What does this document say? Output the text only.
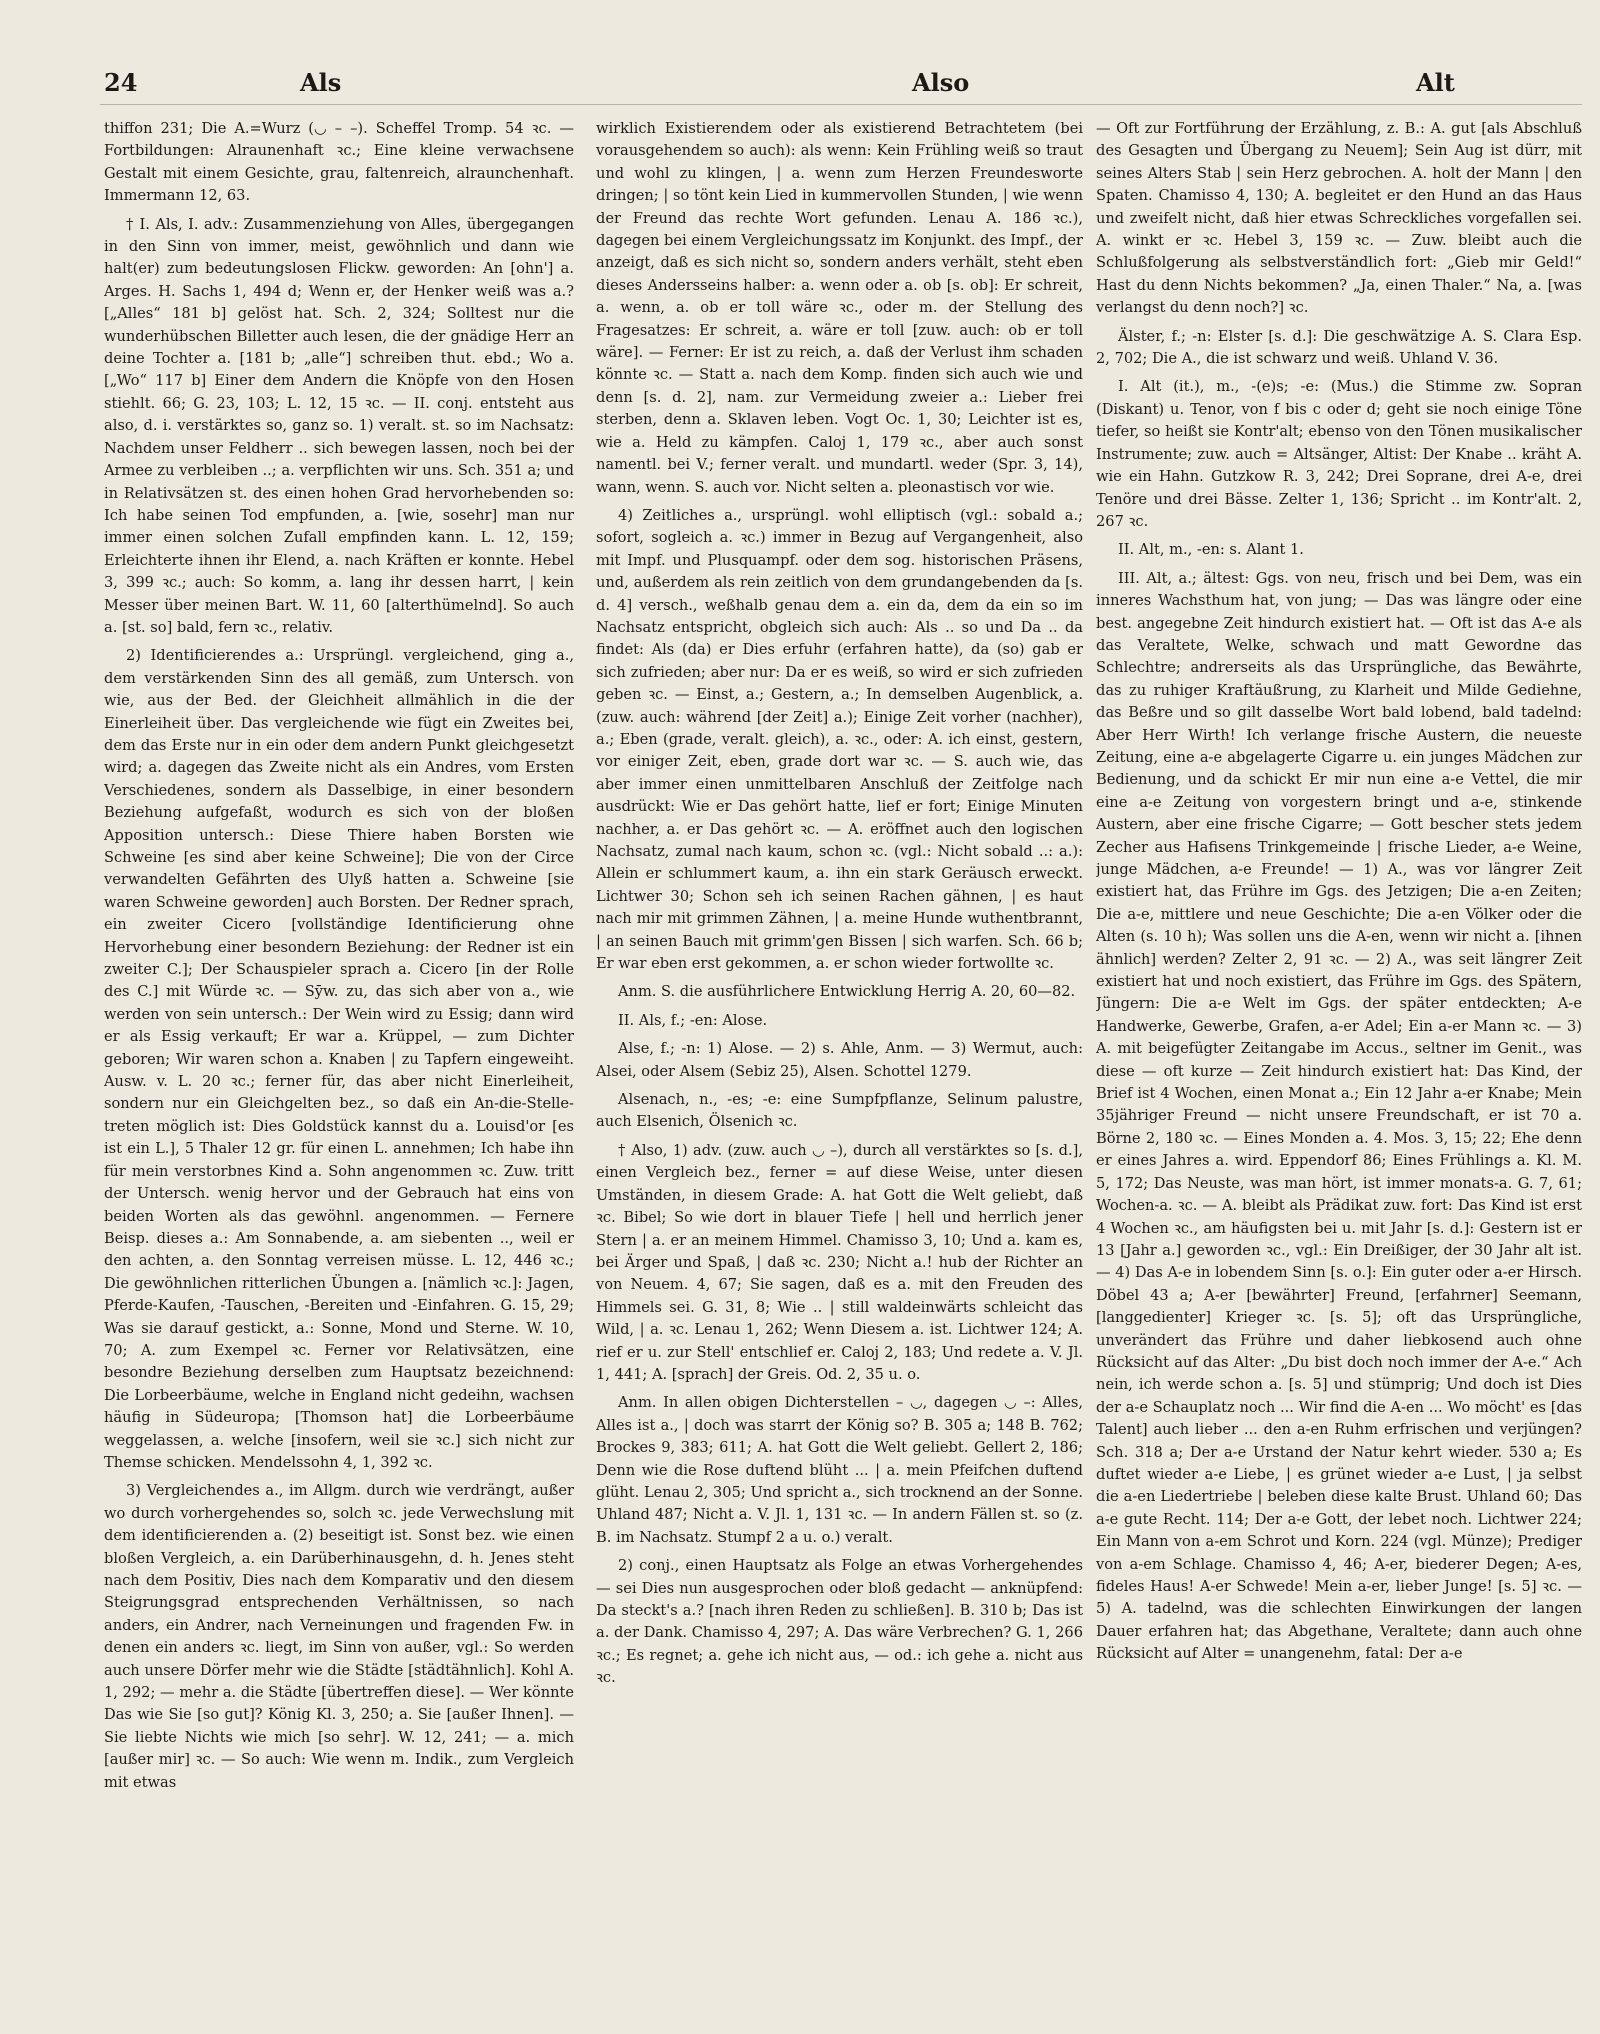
24	Als	Also	Alt

thiffon 231; Die A.=Wurz (◡ – –). Scheffel Tromp. 54 ꝛc. — Fortbildungen: Alraunenhaft ꝛc.; Eine kleine verwachsene Gestalt mit einem Gesichte, grau, faltenreich, alraunchenhaft. Immermann 12, 63.

† I. Als, I. adv.: Zusammenziehung von Alles, übergegangen in den Sinn von immer, meist, gewöhnlich und dann wie halt(er) zum bedeutungslosen Flickw. geworden: An [ohn'] a. Arges. H. Sachs 1, 494 d; Wenn er, der Henker weiß was a.? [„Alles“ 181 b] gelöst hat. Sch. 2, 324; Solltest nur die wunderhübschen Billetter auch lesen, die der gnädige Herr an deine Tochter a. [181 b; „alle“] schreiben thut. ebd.; Wo a. [„Wo“ 117 b] Einer dem Andern die Knöpfe von den Hosen stiehlt. 66; G. 23, 103; L. 12, 15 ꝛc. — II. conj. entsteht aus also, d. i. verstärktes so, ganz so. 1) veralt. st. so im Nachsatz: Nachdem unser Feldherr .. sich bewegen lassen, noch bei der Armee zu verbleiben ..; a. verpflichten wir uns. Sch. 351 a; und in Relativsätzen st. des einen hohen Grad hervorhebenden so: Ich habe seinen Tod empfunden, a. [wie, sosehr] man nur immer einen solchen Zufall empfinden kann. L. 12, 159; Erleichterte ihnen ihr Elend, a. nach Kräften er konnte. Hebel 3, 399 ꝛc.; auch: So komm, a. lang ihr dessen harrt, | kein Messer über meinen Bart. W. 11, 60 [alterthümelnd]. So auch a. [st. so] bald, fern ꝛc., relativ.

2) Identificierendes a.: Ursprüngl. vergleichend, ging a., dem verstärkenden Sinn des all gemäß, zum Untersch. von wie, aus der Bed. der Gleichheit allmählich in die der Einerleiheit über. Das vergleichende wie fügt ein Zweites bei, dem das Erste nur in ein oder dem andern Punkt gleichgesetzt wird; a. dagegen das Zweite nicht als ein Andres, vom Ersten Verschiedenes, sondern als Dasselbige, in einer besondern Beziehung aufgefaßt, wodurch es sich von der bloßen Apposition untersch.: Diese Thiere haben Borsten wie Schweine [es sind aber keine Schweine]; Die von der Circe verwandelten Gefährten des Ulyß hatten a. Schweine [sie waren Schweine geworden] auch Borsten. Der Redner sprach, ein zweiter Cicero [vollständige Identificierung ohne Hervorhebung einer besondern Beziehung: der Redner ist ein zweiter C.]; Der Schauspieler sprach a. Cicero [in der Rolle des C.] mit Würde ꝛc. — Sȳw. zu, das sich aber von a., wie werden von sein untersch.: Der Wein wird zu Essig; dann wird er als Essig verkauft; Er war a. Krüppel, — zum Dichter geboren; Wir waren schon a. Knaben | zu Tapfern eingeweiht. Ausw. v. L. 20 ꝛc.; ferner für, das aber nicht Einerleiheit, sondern nur ein Gleichgelten bez., so daß ein An-die-Stelle-treten möglich ist: Dies Goldstück kannst du a. Louisd'or [es ist ein L.], 5 Thaler 12 gr. für einen L. annehmen; Ich habe ihn für mein verstorbnes Kind a. Sohn angenommen ꝛc. Zuw. tritt der Untersch. wenig hervor und der Gebrauch hat eins von beiden Worten als das gewöhnl. angenommen. — Fernere Beisp. dieses a.: Am Sonnabende, a. am siebenten .., weil er den achten, a. den Sonntag verreisen müsse. L. 12, 446 ꝛc.; Die gewöhnlichen ritterlichen Übungen a. [nämlich ꝛc.]: Jagen, Pferde-Kaufen, -Tauschen, -Bereiten und -Einfahren. G. 15, 29; Was sie darauf gestickt, a.: Sonne, Mond und Sterne. W. 10, 70; A. zum Exempel ꝛc. Ferner vor Relativsätzen, eine besondre Beziehung derselben zum Hauptsatz bezeichnend: Die Lorbeerbäume, welche in England nicht gedeihn, wachsen häufig in Südeuropa; [Thomson hat] die Lorbeerbäume weggelassen, a. welche [insofern, weil sie ꝛc.] sich nicht zur Themse schicken. Mendelssohn 4, 1, 392 ꝛc.

3) Vergleichendes a., im Allgm. durch wie verdrängt, außer wo durch vorhergehendes so, solch ꝛc. jede Verwechslung mit dem identificierenden a. (2) beseitigt ist. Sonst bez. wie einen bloßen Vergleich, a. ein Darüberhinausgehn, d. h. Jenes steht nach dem Positiv, Dies nach dem Komparativ und den diesem Steigrungsgrad entsprechenden Verhältnissen, so nach anders, ein Andrer, nach Verneinungen und fragenden Fw. in denen ein anders ꝛc. liegt, im Sinn von außer, vgl.: So werden auch unsere Dörfer mehr wie die Städte [städtähnlich]. Kohl A. 1, 292; — mehr a. die Städte [übertreffen diese]. — Wer könnte Das wie Sie [so gut]? König Kl. 3, 250; a. Sie [außer Ihnen]. — Sie liebte Nichts wie mich [so sehr]. W. 12, 241; — a. mich [außer mir] ꝛc. — So auch: Wie wenn m. Indik., zum Vergleich mit etwas

wirklich Existierendem oder als existierend Betrachtetem (bei vorausgehendem so auch): als wenn: Kein Frühling weiß so traut und wohl zu klingen, | a. wenn zum Herzen Freundesworte dringen; | so tönt kein Lied in kummervollen Stunden, | wie wenn der Freund das rechte Wort gefunden. Lenau A. 186 ꝛc.), dagegen bei einem Vergleichungssatz im Konjunkt. des Impf., der anzeigt, daß es sich nicht so, sondern anders verhält, steht eben dieses Andersseins halber: a. wenn oder a. ob [s. ob]: Er schreit, a. wenn, a. ob er toll wäre ꝛc., oder m. der Stellung des Fragesatzes: Er schreit, a. wäre er toll [zuw. auch: ob er toll wäre]. — Ferner: Er ist zu reich, a. daß der Verlust ihm schaden könnte ꝛc. — Statt a. nach dem Komp. finden sich auch wie und denn [s. d. 2], nam. zur Vermeidung zweier a.: Lieber frei sterben, denn a. Sklaven leben. Vogt Oc. 1, 30; Leichter ist es, wie a. Held zu kämpfen. Caloj 1, 179 ꝛc., aber auch sonst namentl. bei V.; ferner veralt. und mundartl. weder (Spr. 3, 14), wann, wenn. S. auch vor. Nicht selten a. pleonastisch vor wie.

4) Zeitliches a., ursprüngl. wohl elliptisch (vgl.: sobald a.; sofort, sogleich a. ꝛc.) immer in Bezug auf Vergangenheit, also mit Impf. und Plusquampf. oder dem sog. historischen Präsens, und, außerdem als rein zeitlich von dem grundangebenden da [s. d. 4] versch., weßhalb genau dem a. ein da, dem da ein so im Nachsatz entspricht, obgleich sich auch: Als .. so und Da .. da findet: Als (da) er Dies erfuhr (erfahren hatte), da (so) gab er sich zufrieden; aber nur: Da er es weiß, so wird er sich zufrieden geben ꝛc. — Einst, a.; Gestern, a.; In demselben Augenblick, a. (zuw. auch: während [der Zeit] a.); Einige Zeit vorher (nachher), a.; Eben (grade, veralt. gleich), a. ꝛc., oder: A. ich einst, gestern, vor einiger Zeit, eben, grade dort war ꝛc. — S. auch wie, das aber immer einen unmittelbaren Anschluß der Zeitfolge nach ausdrückt: Wie er Das gehört hatte, lief er fort; Einige Minuten nachher, a. er Das gehört ꝛc. — A. eröffnet auch den logischen Nachsatz, zumal nach kaum, schon ꝛc. (vgl.: Nicht sobald ..: a.): Allein er schlummert kaum, a. ihn ein stark Geräusch erweckt. Lichtwer 30; Schon seh ich seinen Rachen gähnen, | es haut nach mir mit grimmen Zähnen, | a. meine Hunde wuthentbrannt, | an seinen Bauch mit grimm'gen Bissen | sich warfen. Sch. 66 b; Er war eben erst gekommen, a. er schon wieder fortwollte ꝛc.

Anm. S. die ausführlichere Entwicklung Herrig A. 20, 60—82.

II. Als, f.; -en: Alose.

Alse, f.; -n: 1) Alose. — 2) s. Ahle, Anm. — 3) Wermut, auch: Alsei, oder Alsem (Sebiz 25), Alsen. Schottel 1279.

Alsenach, n., -es; -e: eine Sumpfpflanze, Selinum palustre, auch Elsenich, Ölsenich ꝛc.

† Also, 1) adv. (zuw. auch ◡ –), durch all verstärktes so [s. d.], einen Vergleich bez., ferner = auf diese Weise, unter diesen Umständen, in diesem Grade: A. hat Gott die Welt geliebt, daß ꝛc. Bibel; So wie dort in blauer Tiefe | hell und herrlich jener Stern | a. er an meinem Himmel. Chamisso 3, 10; Und a. kam es, bei Ärger und Spaß, | daß ꝛc. 230; Nicht a.! hub der Richter an von Neuem. 4, 67; Sie sagen, daß es a. mit den Freuden des Himmels sei. G. 31, 8; Wie .. | still waldeinwärts schleicht das Wild, | a. ꝛc. Lenau 1, 262; Wenn Diesem a. ist. Lichtwer 124; A. rief er u. zur Stell' entschlief er. Caloj 2, 183; Und redete a. V. Jl. 1, 441; A. [sprach] der Greis. Od. 2, 35 u. o.

Anm. In allen obigen Dichterstellen – ◡, dagegen ◡ –: Alles, Alles ist a., | doch was starrt der König so? B. 305 a; 148 B. 762; Brockes 9, 383; 611; A. hat Gott die Welt geliebt. Gellert 2, 186; Denn wie die Rose duftend blüht ... | a. mein Pfeifchen duftend glüht. Lenau 2, 305; Und spricht a., sich trocknend an der Sonne. Uhland 487; Nicht a. V. Jl. 1, 131 ꝛc. — In andern Fällen st. so (z. B. im Nachsatz. Stumpf 2 a u. o.) veralt.

2) conj., einen Hauptsatz als Folge an etwas Vorhergehendes — sei Dies nun ausgesprochen oder bloß gedacht — anknüpfend: Da steckt's a.? [nach ihren Reden zu schließen]. B. 310 b; Das ist a. der Dank. Chamisso 4, 297; A. Das wäre Verbrechen? G. 1, 266 ꝛc.; Es regnet; a. gehe ich nicht aus, — od.: ich gehe a. nicht aus ꝛc.

— Oft zur Fortführung der Erzählung, z. B.: A. gut [als Abschluß des Gesagten und Übergang zu Neuem]; Sein Aug ist dürr, mit seines Alters Stab | sein Herz gebrochen. A. holt der Mann | den Spaten. Chamisso 4, 130; A. begleitet er den Hund an das Haus und zweifelt nicht, daß hier etwas Schreckliches vorgefallen sei. A. winkt er ꝛc. Hebel 3, 159 ꝛc. — Zuw. bleibt auch die Schlußfolgerung als selbstverständlich fort: „Gieb mir Geld!“ Hast du denn Nichts bekommen? „Ja, einen Thaler.“ Na, a. [was verlangst du denn noch?] ꝛc.

Älster, f.; -n: Elster [s. d.]: Die geschwätzige A. S. Clara Esp. 2, 702; Die A., die ist schwarz und weiß. Uhland V. 36.

I. Alt (it.), m., -(e)s; -e: (Mus.) die Stimme zw. Sopran (Diskant) u. Tenor, von f bis c oder d; geht sie noch einige Töne tiefer, so heißt sie Kontr'alt; ebenso von den Tönen musikalischer Instrumente; zuw. auch = Altsänger, Altist: Der Knabe .. kräht A. wie ein Hahn. Gutzkow R. 3, 242; Drei Soprane, drei A-e, drei Tenöre und drei Bässe. Zelter 1, 136; Spricht .. im Kontr'alt. 2, 267 ꝛc.

II. Alt, m., -en: s. Alant 1.

III. Alt, a.; ältest: Ggs. von neu, frisch und bei Dem, was ein inneres Wachsthum hat, von jung; — Das was längre oder eine best. angegebne Zeit hindurch existiert hat. — Oft ist das A-e als das Veraltete, Welke, schwach und matt Gewordne das Schlechtre; andrerseits als das Ursprüngliche, das Bewährte, das zu ruhiger Kraftäußrung, zu Klarheit und Milde Gediehne, das Beßre und so gilt dasselbe Wort bald lobend, bald tadelnd: Aber Herr Wirth! Ich verlange frische Austern, die neueste Zeitung, eine a-e abgelagerte Cigarre u. ein junges Mädchen zur Bedienung, und da schickt Er mir nun eine a-e Vettel, die mir eine a-e Zeitung von vorgestern bringt und a-e, stinkende Austern, aber eine frische Cigarre; — Gott bescher stets jedem Zecher aus Hafisens Trinkgemeinde | frische Lieder, a-e Weine, junge Mädchen, a-e Freunde! — 1) A., was vor längrer Zeit existiert hat, das Frühre im Ggs. des Jetzigen; Die a-en Zeiten; Die a-e, mittlere und neue Geschichte; Die a-en Völker oder die Alten (s. 10 h); Was sollen uns die A-en, wenn wir nicht a. [ihnen ähnlich] werden? Zelter 2, 91 ꝛc. — 2) A., was seit längrer Zeit existiert hat und noch existiert, das Frühre im Ggs. des Spätern, Jüngern: Die a-e Welt im Ggs. der später entdeckten; A-e Handwerke, Gewerbe, Grafen, a-er Adel; Ein a-er Mann ꝛc. — 3) A. mit beigefügter Zeitangabe im Accus., seltner im Genit., was diese — oft kurze — Zeit hindurch existiert hat: Das Kind, der Brief ist 4 Wochen, einen Monat a.; Ein 12 Jahr a-er Knabe; Mein 35jähriger Freund — nicht unsere Freundschaft, er ist 70 a. Börne 2, 180 ꝛc. — Eines Monden a. 4. Mos. 3, 15; 22; Ehe denn er eines Jahres a. wird. Eppendorf 86; Eines Frühlings a. Kl. M. 5, 172; Das Neuste, was man hört, ist immer monats-a. G. 7, 61; Wochen-a. ꝛc. — A. bleibt als Prädikat zuw. fort: Das Kind ist erst 4 Wochen ꝛc., am häufigsten bei u. mit Jahr [s. d.]: Gestern ist er 13 [Jahr a.] geworden ꝛc., vgl.: Ein Dreißiger, der 30 Jahr alt ist. — 4) Das A-e in lobendem Sinn [s. o.]: Ein guter oder a-er Hirsch. Döbel 43 a; A-er [bewährter] Freund, [erfahrner] Seemann, [langgedienter] Krieger ꝛc. [s. 5]; oft das Ursprüngliche, unverändert das Frühre und daher liebkosend auch ohne Rücksicht auf das Alter: „Du bist doch noch immer der A-e.“ Ach nein, ich werde schon a. [s. 5] und stümprig; Und doch ist Dies der a-e Schauplatz noch ... Wir find die A-en ... Wo möcht' es [das Talent] auch lieber ... den a-en Ruhm erfrischen und verjüngen? Sch. 318 a; Der a-e Urstand der Natur kehrt wieder. 530 a; Es duftet wieder a-e Liebe, | es grünet wieder a-e Lust, | ja selbst die a-en Liedertriebe | beleben diese kalte Brust. Uhland 60; Das a-e gute Recht. 114; Der a-e Gott, der lebet noch. Lichtwer 224; Ein Mann von a-em Schrot und Korn. 224 (vgl. Münze); Prediger von a-em Schlage. Chamisso 4, 46; A-er, biederer Degen; A-es, fideles Haus! A-er Schwede! Mein a-er, lieber Junge! [s. 5] ꝛc. — 5) A. tadelnd, was die schlechten Einwirkungen der langen Dauer erfahren hat; das Abgethane, Veraltete; dann auch ohne Rücksicht auf Alter = unangenehm, fatal: Der a-e
